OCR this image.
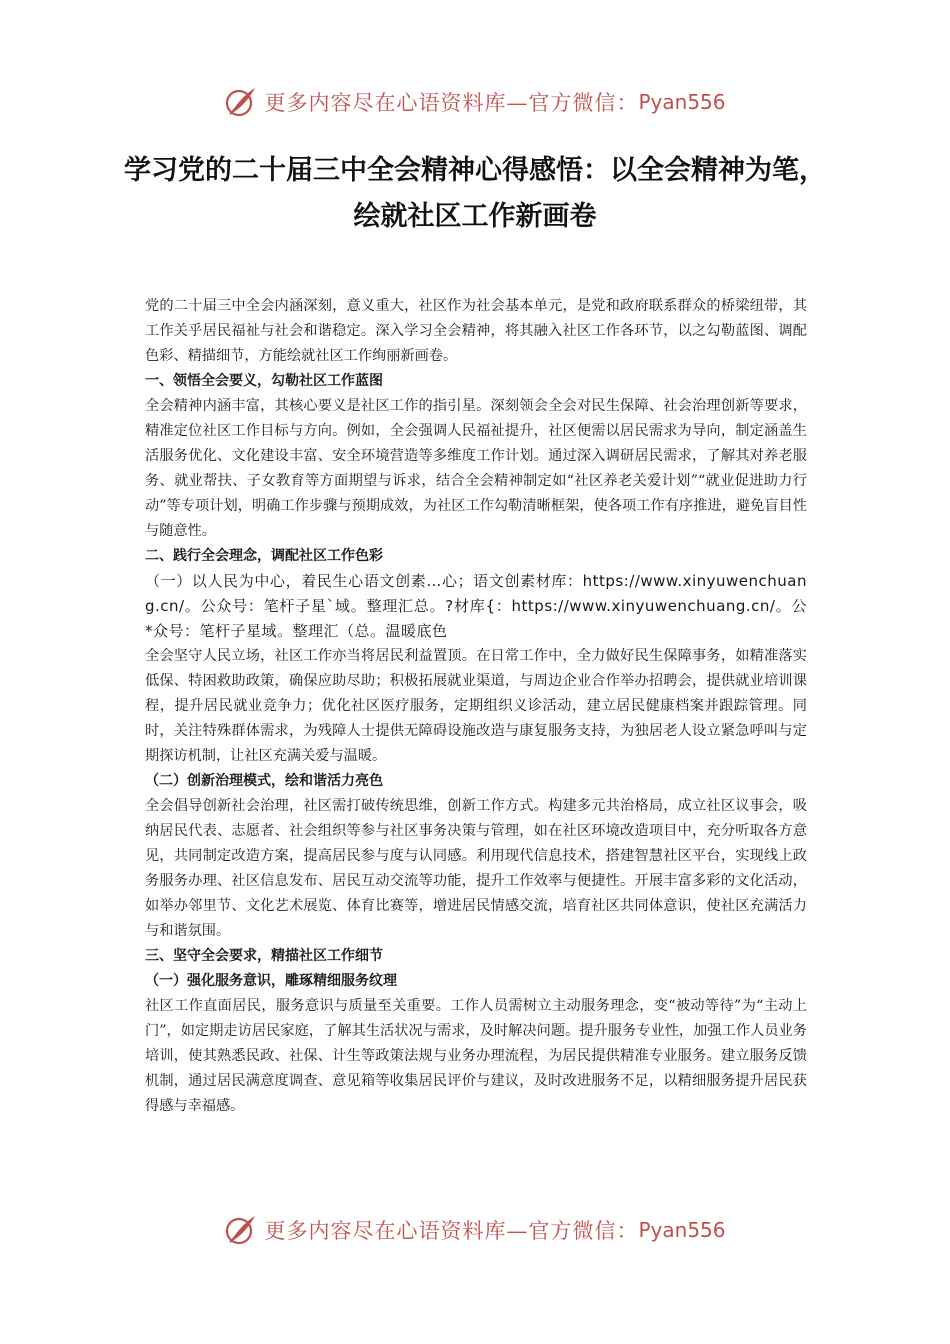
更多内容尽在心语资料库—官方微信： Pyan556
学习党的二十届三中全会精神心得感悟：以全会精神为笔，绘就社区工作新画卷

党的二十届三中全会内涵深刻，意义重大，社区作为社会基本单元，是党和政府联系群众的桥梁纽带，其工作关乎居民福祉与社会和谐稳定。深入学习全会精神，将其融入社区工作各环节，以之勾勒蓝图、调配色彩、精描细节，方能绘就社区工作绚丽新画卷。

一、领悟全会要义，勾勒社区工作蓝图

全会精神内涵丰富，其核心要义是社区工作的指引星。深刻领会全会对民生保障、社会治理创新等要求，精准定位社区工作目标与方向。例如，全会强调人民福祉提升，社区便需以居民需求为导向，制定涵盖生活服务优化、文化建设丰富、安全环境营造等多维度工作计划。通过深入调研居民需求，了解其对养老服务、就业帮扶、子女教育等方面期望与诉求，结合全会精神制定如“社区养老关爱计划”“就业促进助力行动”等专项计划，明确工作步骤与预期成效，为社区工作勾勒清晰框架，使各项工作有序推进，避免盲目性与随意性。

二、践行全会理念，调配社区工作色彩

（一）以人民为中心，着民生心语文创素…心；语文创素材库：https://www.xinyuwenchuang.cn/。公众号：笔杆子星`域。整理汇总。?材库{：https://www.xinyuwenchuang.cn/。公*众号：笔杆子星域。整理汇（总。温暖底色

全会坚守人民立场，社区工作亦当将居民利益置顶。在日常工作中，全力做好民生保障事务，如精准落实低保、特困救助政策，确保应助尽助；积极拓展就业渠道，与周边企业合作举办招聘会，提供就业培训课程，提升居民就业竞争力；优化社区医疗服务，定期组织义诊活动，建立居民健康档案并跟踪管理。同时，关注特殊群体需求，为残障人士提供无障碍设施改造与康复服务支持，为独居老人设立紧急呼叫与定期探访机制，让社区充满关爱与温暖。

（二）创新治理模式，绘和谐活力亮色

全会倡导创新社会治理，社区需打破传统思维，创新工作方式。构建多元共治格局，成立社区议事会，吸纳居民代表、志愿者、社会组织等参与社区事务决策与管理，如在社区环境改造项目中，充分听取各方意见，共同制定改造方案，提高居民参与度与认同感。利用现代信息技术，搭建智慧社区平台，实现线上政务服务办理、社区信息发布、居民互动交流等功能，提升工作效率与便捷性。开展丰富多彩的文化活动，如举办邻里节、文化艺术展览、体育比赛等，增进居民情感交流，培育社区共同体意识，使社区充满活力与和谐氛围。

三、坚守全会要求，精描社区工作细节

（一）强化服务意识，雕琢精细服务纹理

社区工作直面居民，服务意识与质量至关重要。工作人员需树立主动服务理念，变“被动等待”为“主动上门”，如定期走访居民家庭，了解其生活状况与需求，及时解决问题。提升服务专业性，加强工作人员业务培训，使其熟悉民政、社保、计生等政策法规与业务办理流程，为居民提供精准专业服务。建立服务反馈机制，通过居民满意度调查、意见箱等收集居民评价与建议，及时改进服务不足，以精细服务提升居民获得感与幸福感。

更多内容尽在心语资料库—官方微信： Pyan556
